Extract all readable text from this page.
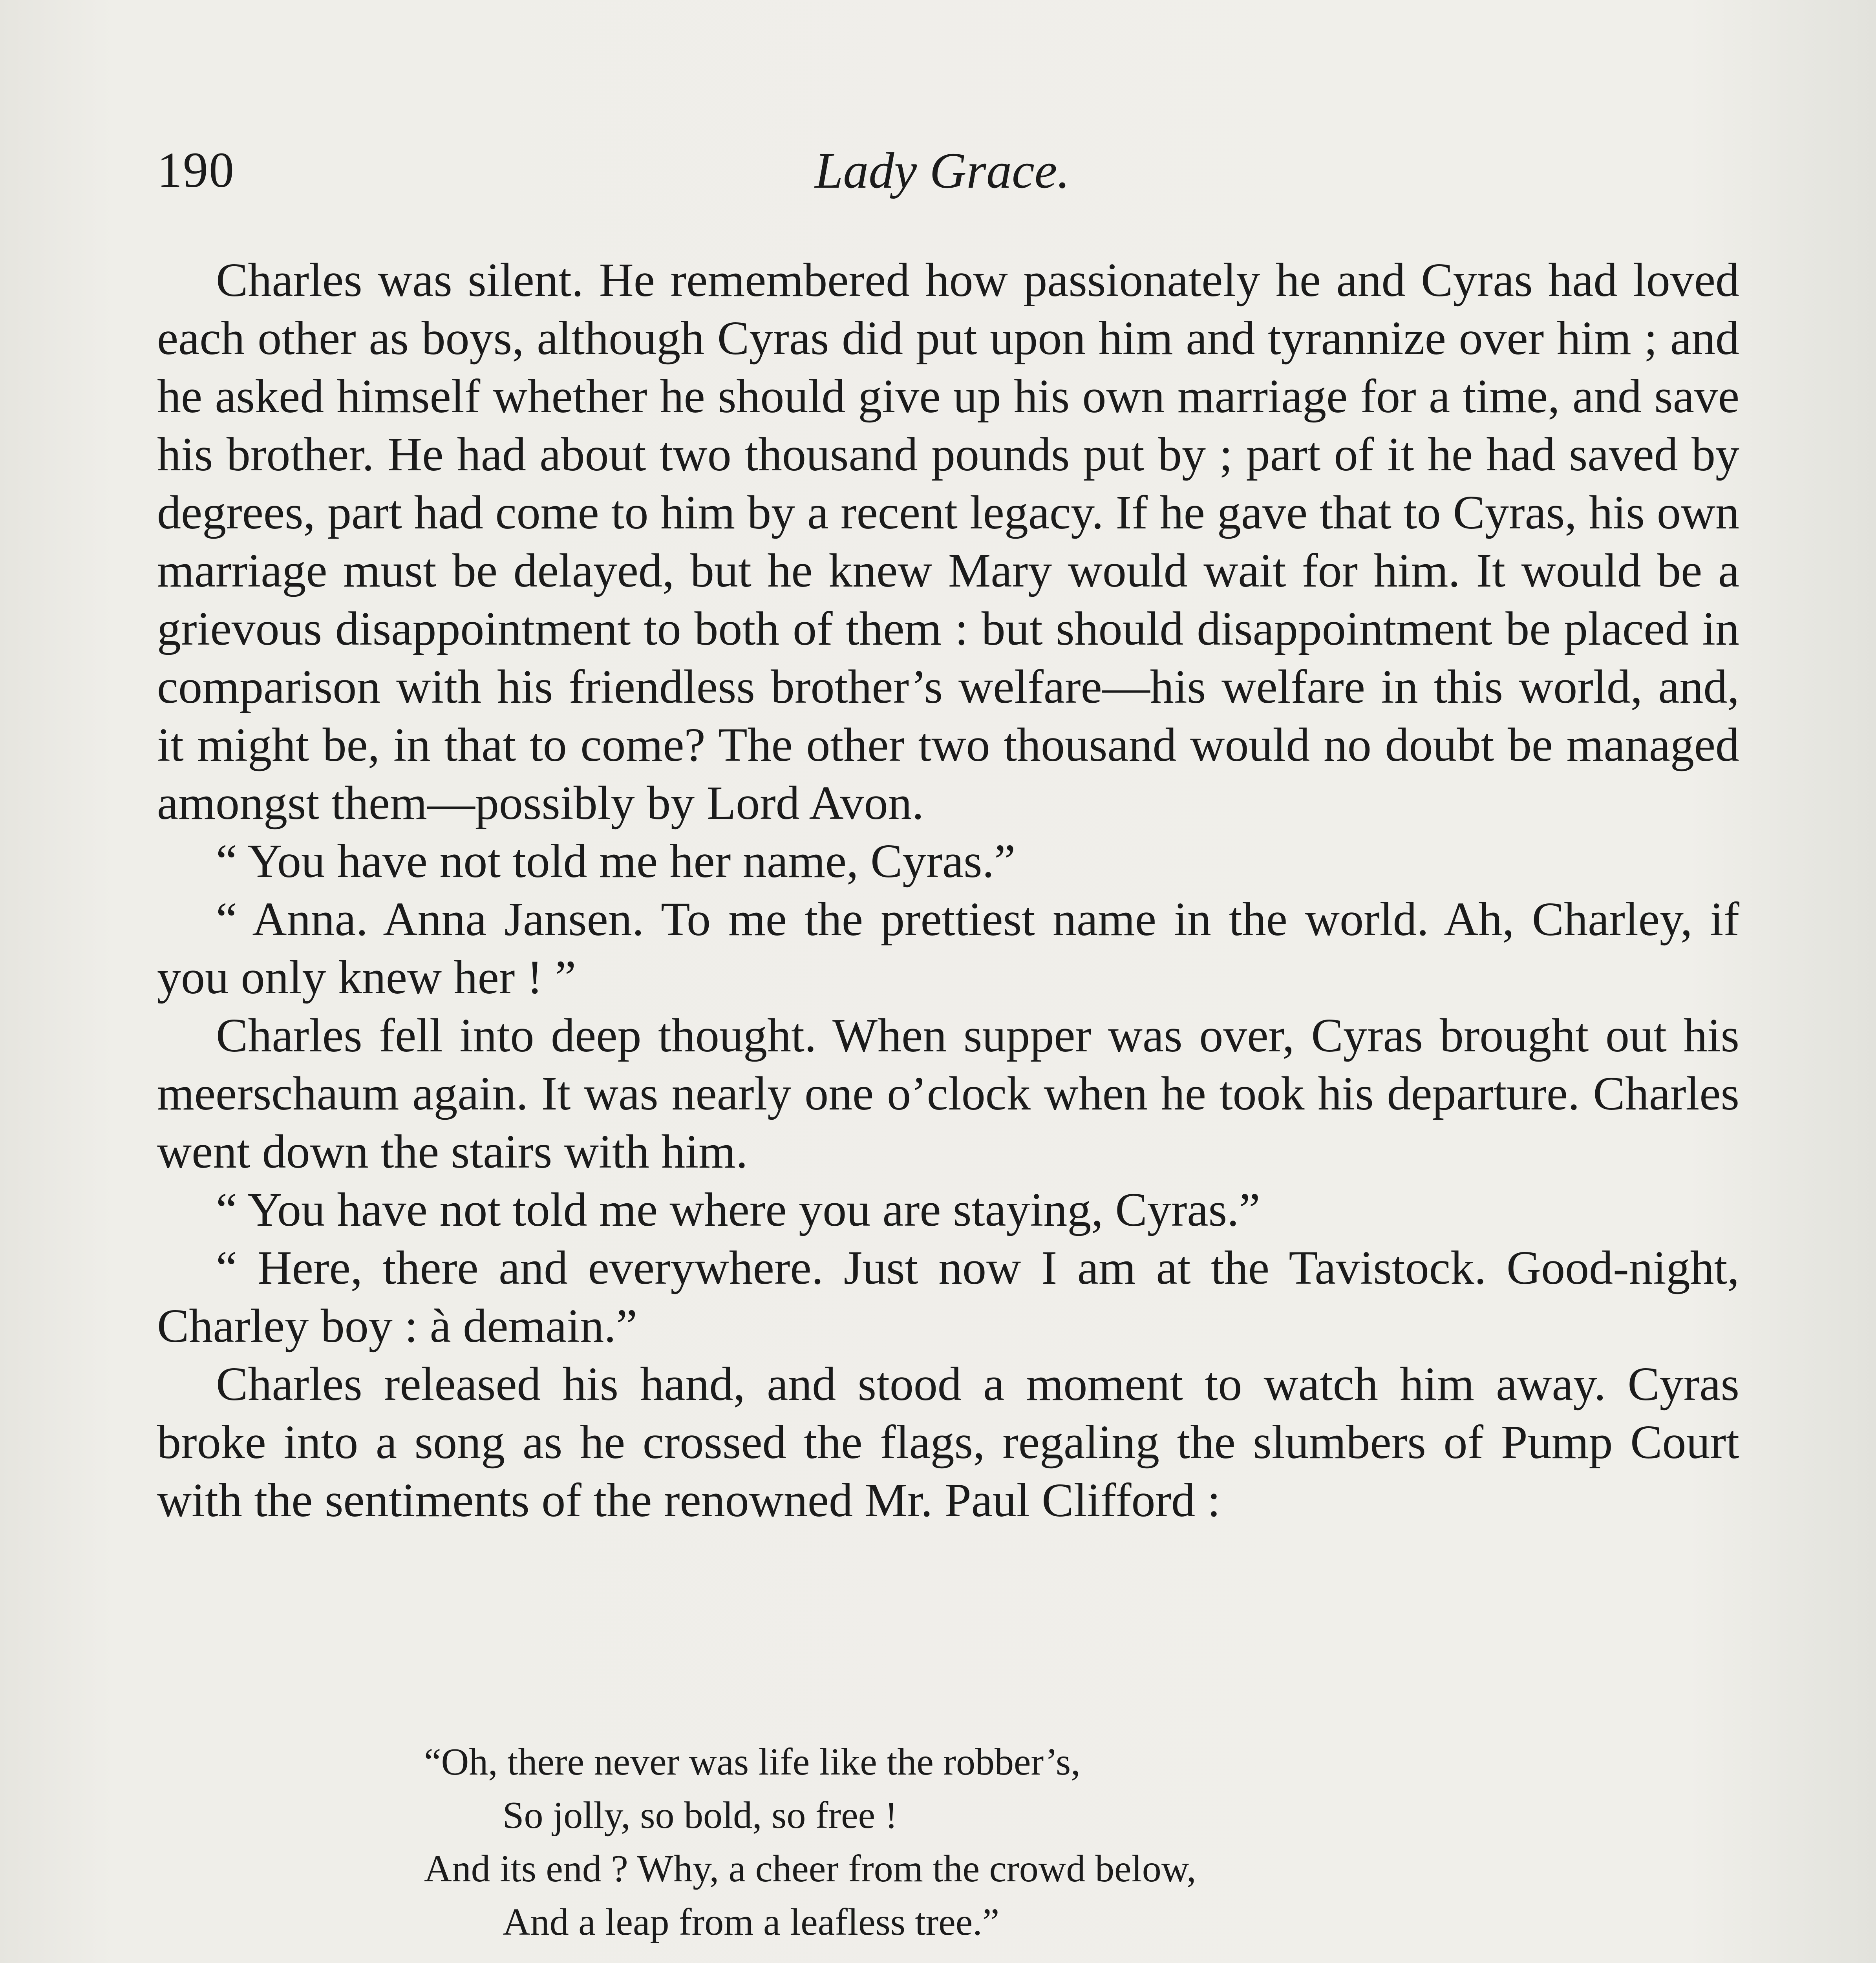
190	Lady Grace.

Charles was silent. He remembered how passionately he and Cyras had loved each other as boys, although Cyras did put upon him and tyrannize over him ; and he asked himself whether he should give up his own marriage for a time, and save his brother. He had about two thousand pounds put by ; part of it he had saved by degrees, part had come to him by a recent legacy. If he gave that to Cyras, his own marriage must be delayed, but he knew Mary would wait for him. It would be a grievous disappointment to both of them : but should disappointment be placed in comparison with his friendless brother’s welfare—his welfare in this world, and, it might be, in that to come? The other two thousand would no doubt be managed amongst them—possibly by Lord Avon.

“ You have not told me her name, Cyras.”

“ Anna. Anna Jansen. To me the prettiest name in the world. Ah, Charley, if you only knew her ! ”

Charles fell into deep thought. When supper was over, Cyras brought out his meerschaum again. It was nearly one o’clock when he took his departure. Charles went down the stairs with him.

“ You have not told me where you are staying, Cyras.”

“ Here, there and everywhere. Just now I am at the Tavistock. Good-night, Charley boy : à demain.”

Charles released his hand, and stood a moment to watch him away. Cyras broke into a song as he crossed the flags, regaling the slumbers of Pump Court with the sentiments of the renowned Mr. Paul Clifford :

“Oh, there never was life like the robber’s,
So jolly, so bold, so free !
And its end ? Why, a cheer from the crowd below,
And a leap from a leafless tree.”
